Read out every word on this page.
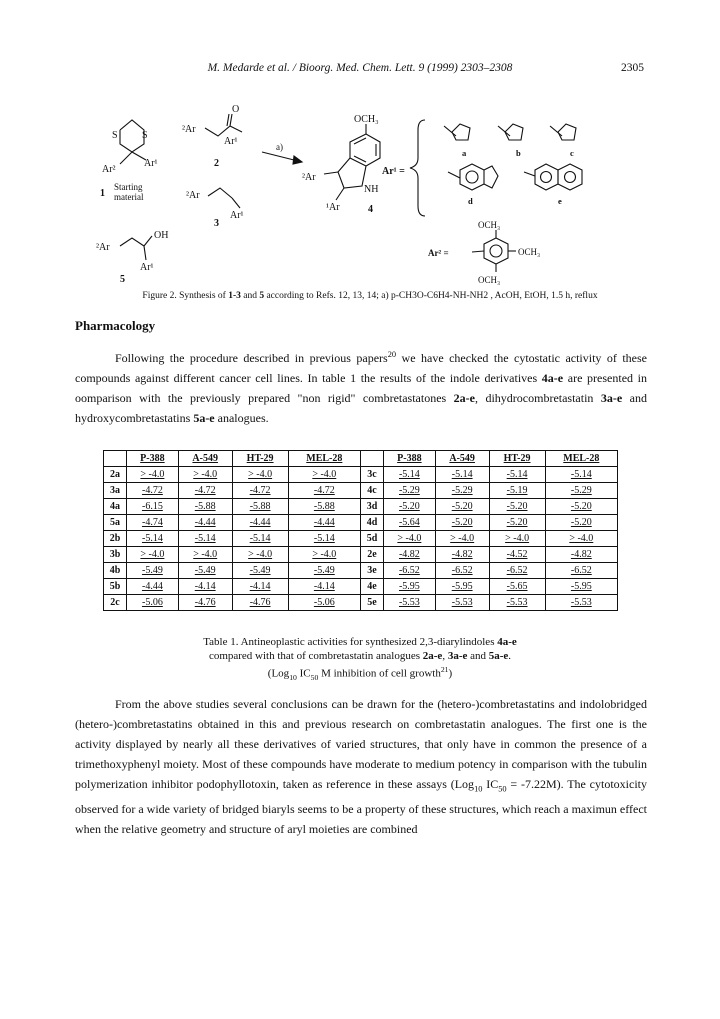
M. Medarde et al. / Bioorg. Med. Chem. Lett. 9 (1999) 2303–2308	2305
S S
Ar²
Ar¹
1
Starting
material
²Ar
O
Ar¹
2
²Ar
Ar¹
3
²Ar
OH
Ar¹
5
a)
OCH₃
²Ar
NH
¹Ar	4
Ar¹ =
a	b	c
d	e
OCH₃
Ar² =	OCH₃
OCH₃
Figure 2. Synthesis of 1-3 and 5 according to Refs. 12, 13, 14; a) p-CH3O-C6H4-NH-NH2 , AcOH, EtOH, 1.5 h, reflux
Pharmacology
Following the procedure described in previous papers$^{20}$ we have checked the cytostatic activity of these compounds against different cancer cell lines. In table 1 the results of the indole derivatives 4a-e are presented in oomparison with the previously prepared "non rigid" combretastatones 2a-e, dihydrocombretastatin 3a-e and hydroxycombretastatins 5a-e analogues.
	P-388	A-549	HT-29	MEL-28		P-388	A-549	HT-29	MEL-28
2a	> -4.0	> -4.0	> -4.0	> -4.0	3c	-5.14	-5.14	-5.14	-5.14
3a	-4.72	-4.72	-4.72	-4.72	4c	-5.29	-5.29	-5.19	-5.29
4a	-6.15	-5.88	-5.88	-5.88	3d	-5.20	-5.20	-5.20	-5.20
5a	-4.74	-4.44	-4.44	-4.44	4d	-5.64	-5.20	-5.20	-5.20
2b	-5.14	-5.14	-5.14	-5.14	5d	> -4.0	> -4.0	> -4.0	> -4.0
3b	> -4.0	> -4.0	> -4.0	> -4.0	2e	-4.82	-4.82	-4.52	-4.82
4b	-5.49	-5.49	-5.49	-5.49	3e	-6.52	-6.52	-6.52	-6.52
5b	-4.44	-4.14	-4.14	-4.14	4e	-5.95	-5.95	-5.65	-5.95
2c	-5.06	-4.76	-4.76	-5.06	5e	-5.53	-5.53	-5.53	-5.53
Table 1. Antineoplastic activities for synthesized 2,3-diarylindoles 4a-e
compared with that of combretastatin analogues 2a-e, 3a-e and 5a-e.
(Log$_{10}$ $IC_{50}$ M inhibition of cell growth$^{21}$)
From the above studies several conclusions can be drawn for the (hetero-)combretastatins and indolobridged (hetero-)combretastatins obtained in this and previous research on combretastatin analogues. The first one is the activity displayed by nearly all these derivatives of varied structures, that only have in common the presence of a trimethoxyphenyl moiety. Most of these compounds have moderate to medium potency in comparison with the tubulin polymerization inhibitor podophyllotoxin, taken as reference in these assays (Log$_{10}$ $IC_{50} = -7.22M$). The cytotoxicity observed for a wide variety of bridged biaryls seems to be a property of these structures, which reach a maximun effect when the relative geometry and structure of aryl moieties are combined
